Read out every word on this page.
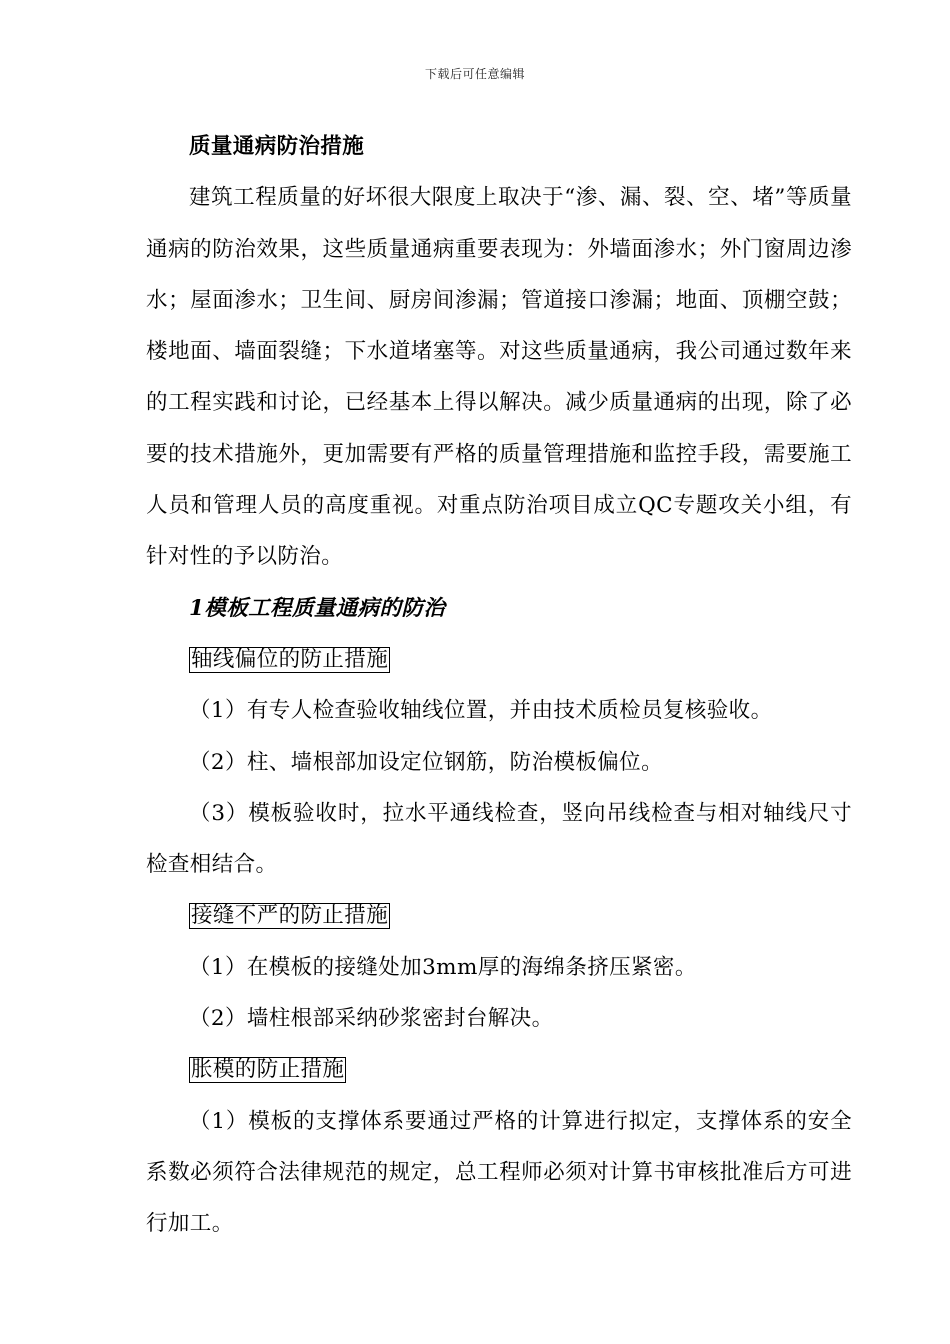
下载后可任意编辑

质量通病防治措施

建筑工程质量的好坏很大限度上取决于“渗、漏、裂、空、堵”等质量通病的防治效果，这些质量通病重要表现为：外墙面渗水；外门窗周边渗水；屋面渗水；卫生间、厨房间渗漏；管道接口渗漏；地面、顶棚空鼓；楼地面、墙面裂缝；下水道堵塞等。对这些质量通病，我公司通过数年来的工程实践和讨论，已经基本上得以解决。减少质量通病的出现，除了必要的技术措施外，更加需要有严格的质量管理措施和监控手段，需要施工人员和管理人员的高度重视。对重点防治项目成立QC专题攻关小组，有针对性的予以防治。

1模板工程质量通病的防治

轴线偏位的防止措施

（1）有专人检查验收轴线位置，并由技术质检员复核验收。

（2）柱、墙根部加设定位钢筋，防治模板偏位。

（3）模板验收时，拉水平通线检查，竖向吊线检查与相对轴线尺寸检查相结合。

接缝不严的防止措施

（1）在模板的接缝处加3mm厚的海绵条挤压紧密。

（2）墙柱根部采纳砂浆密封台解决。

胀模的防止措施

（1）模板的支撑体系要通过严格的计算进行拟定，支撑体系的安全系数必须符合法律规范的规定，总工程师必须对计算书审核批准后方可进行加工。
